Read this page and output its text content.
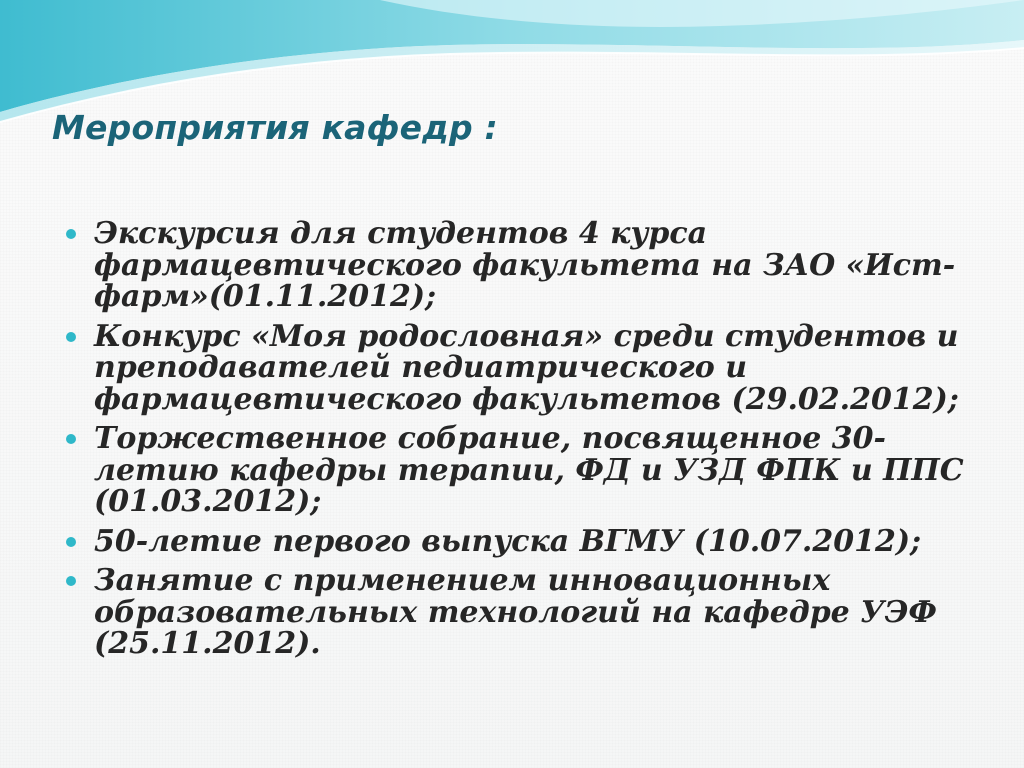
Мероприятия кафедр :
Экскурсия для студентов 4 курса фармацевтического факультета на ЗАО «Ист-фарм»(01.11.2012);
Конкурс «Моя родословная» среди студентов и преподавателей педиатрического и фармацевтического факультетов (29.02.2012);
Торжественное собрание, посвященное 30-летию кафедры терапии, ФД и УЗД ФПК и ППС (01.03.2012);
50-летие первого выпуска ВГМУ (10.07.2012);
Занятие с применением инновационных образовательных технологий на кафедре УЭФ (25.11.2012).
